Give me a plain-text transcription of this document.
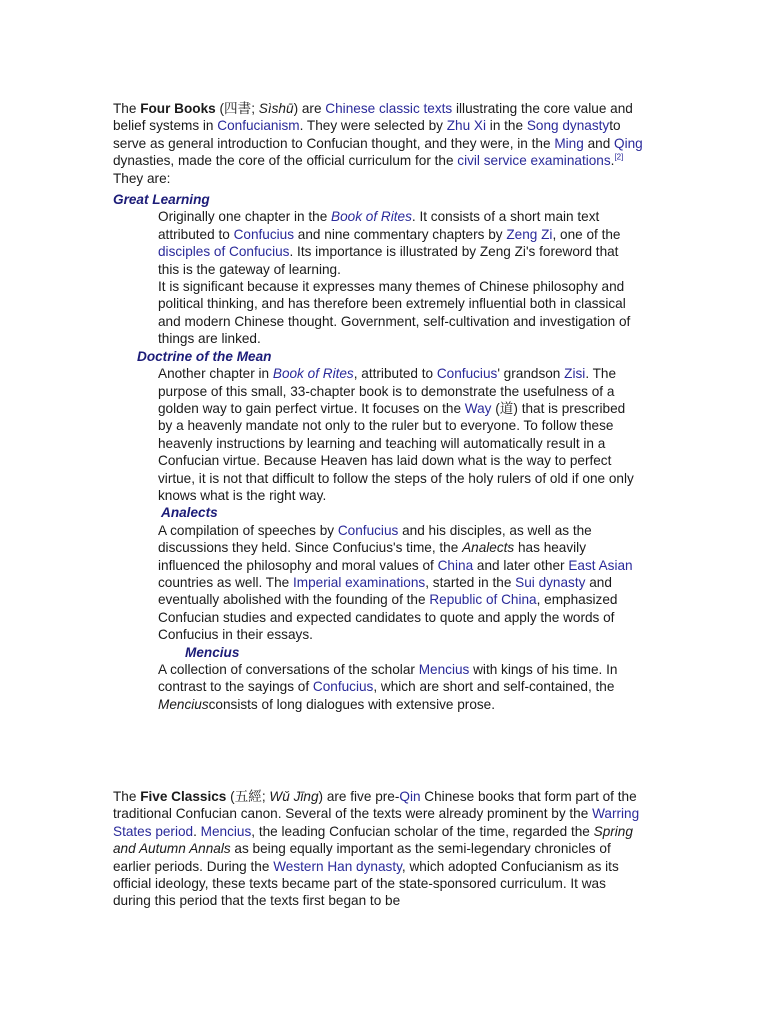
The Four Books (四書; Sìshū) are Chinese classic texts illustrating the core value and belief systems in Confucianism. They were selected by Zhu Xi in the Song dynastyto serve as general introduction to Confucian thought, and they were, in the Ming and Qing dynasties, made the core of the official curriculum for the civil service examinations.[2] They are:

Great Learning

Originally one chapter in the Book of Rites. It consists of a short main text attributed to Confucius and nine commentary chapters by Zeng Zi, one of the disciples of Confucius. Its importance is illustrated by Zeng Zi's foreword that this is the gateway of learning.

It is significant because it expresses many themes of Chinese philosophy and political thinking, and has therefore been extremely influential both in classical and modern Chinese thought. Government, self-cultivation and investigation of things are linked.

Doctrine of the Mean

Another chapter in Book of Rites, attributed to Confucius' grandson Zisi. The purpose of this small, 33-chapter book is to demonstrate the usefulness of a golden way to gain perfect virtue. It focuses on the Way (道) that is prescribed by a heavenly mandate not only to the ruler but to everyone. To follow these heavenly instructions by learning and teaching will automatically result in a Confucian virtue. Because Heaven has laid down what is the way to perfect virtue, it is not that difficult to follow the steps of the holy rulers of old if one only knows what is the right way.

Analects

A compilation of speeches by Confucius and his disciples, as well as the discussions they held. Since Confucius's time, the Analects has heavily influenced the philosophy and moral values of China and later other East Asian countries as well. The Imperial examinations, started in the Sui dynasty and eventually abolished with the founding of the Republic of China, emphasized Confucian studies and expected candidates to quote and apply the words of Confucius in their essays.

Mencius

A collection of conversations of the scholar Mencius with kings of his time. In contrast to the sayings of Confucius, which are short and self-contained, the Menciusconsists of long dialogues with extensive prose.

The Five Classics (五經; Wǔ Jīng) are five pre-Qin Chinese books that form part of the traditional Confucian canon. Several of the texts were already prominent by the Warring States period. Mencius, the leading Confucian scholar of the time, regarded the Spring and Autumn Annals as being equally important as the semi-legendary chronicles of earlier periods. During the Western Han dynasty, which adopted Confucianism as its official ideology, these texts became part of the state-sponsored curriculum. It was during this period that the texts first began to be
